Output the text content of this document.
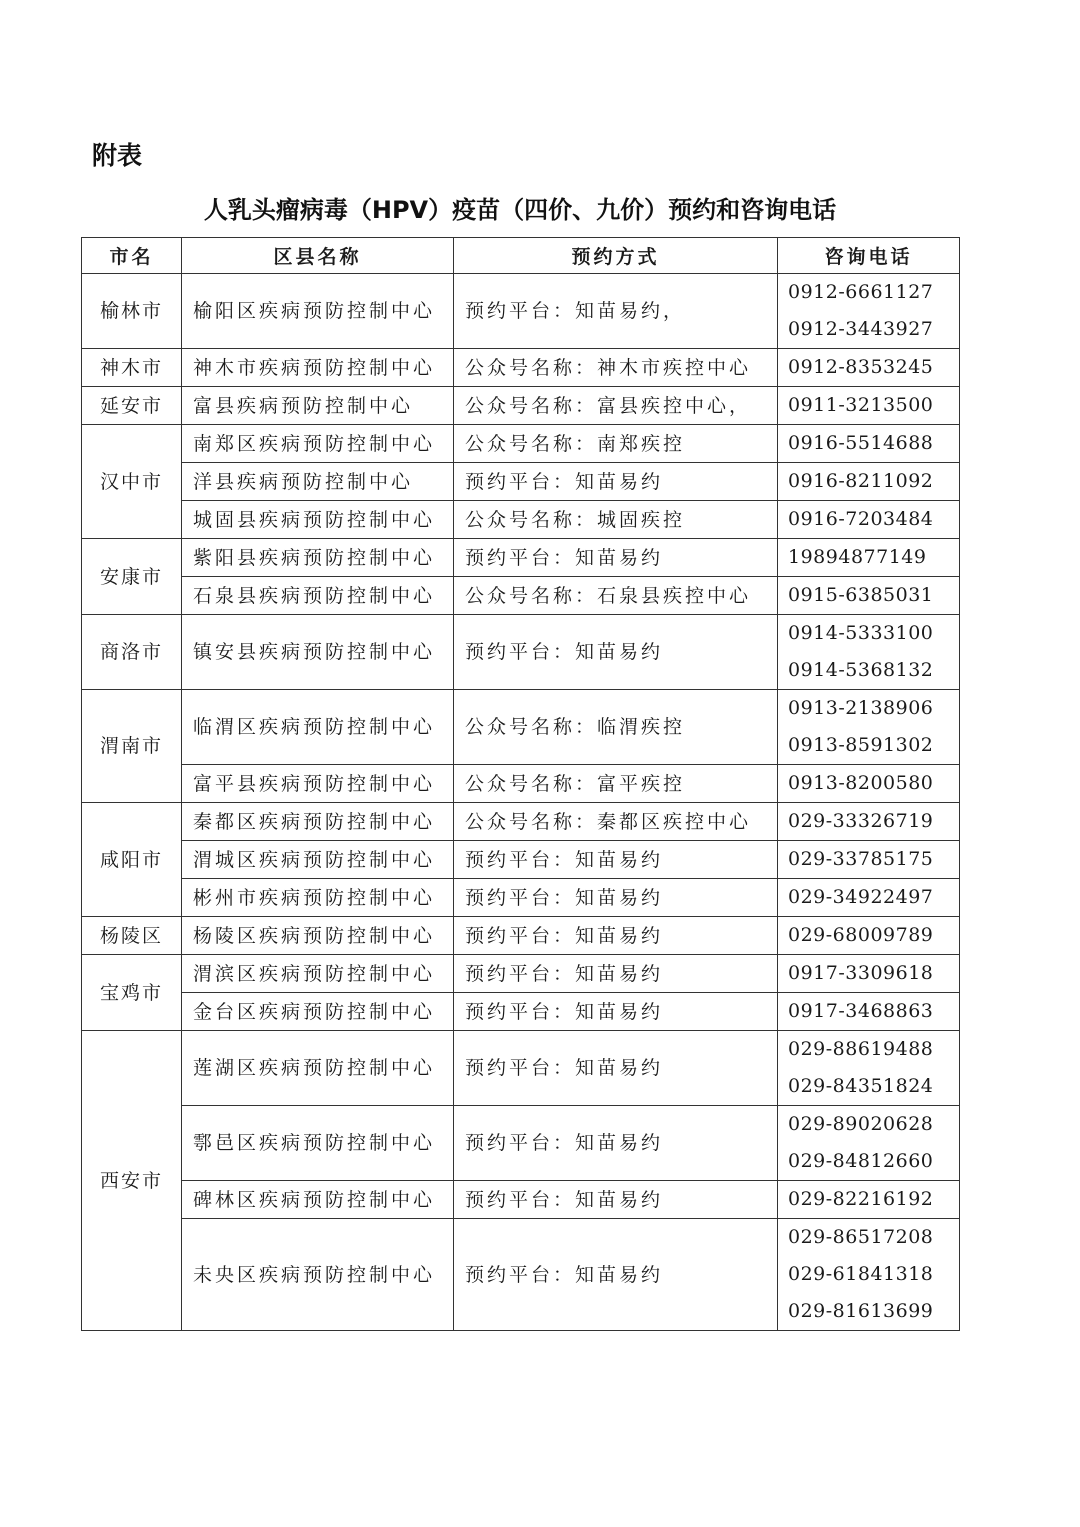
附表
人乳头瘤病毒（HPV）疫苗（四价、九价）预约和咨询电话
市名	区县名称	预约方式	咨询电话
榆林市	榆阳区疾病预防控制中心	预约平台：知苗易约，	0912-6661127
0912-3443927

神木市	神木市疾病预防控制中心	公众号名称：神木市疾控中心	0912-8353245

延安市	富县疾病预防控制中心	公众号名称：富县疾控中心，	0911-3213500

汉中市	南郑区疾病预防控制中心	公众号名称：南郑疾控	0916-5514688

	洋县疾病预防控制中心	预约平台：知苗易约	0916-8211092

	城固县疾病预防控制中心	公众号名称：城固疾控	0916-7203484

安康市	紫阳县疾病预防控制中心	预约平台：知苗易约	19894877149

	石泉县疾病预防控制中心	公众号名称：石泉县疾控中心	0915-6385031

商洛市	镇安县疾病预防控制中心	预约平台：知苗易约	0914-5333100
0914-5368132

渭南市	临渭区疾病预防控制中心	公众号名称：临渭疾控	0913-2138906
0913-8591302

	富平县疾病预防控制中心	公众号名称：富平疾控	0913-8200580

咸阳市	秦都区疾病预防控制中心	公众号名称：秦都区疾控中心	029-33326719

	渭城区疾病预防控制中心	预约平台：知苗易约	029-33785175

	彬州市疾病预防控制中心	预约平台：知苗易约	029-34922497

杨陵区	杨陵区疾病预防控制中心	预约平台：知苗易约	029-68009789

宝鸡市	渭滨区疾病预防控制中心	预约平台：知苗易约	0917-3309618

	金台区疾病预防控制中心	预约平台：知苗易约	0917-3468863

西安市	莲湖区疾病预防控制中心	预约平台：知苗易约	029-88619488
029-84351824

	鄠邑区疾病预防控制中心	预约平台：知苗易约	029-89020628
029-84812660

	碑林区疾病预防控制中心	预约平台：知苗易约	029-82216192

	未央区疾病预防控制中心	预约平台：知苗易约	029-86517208
029-61841318
029-81613699
